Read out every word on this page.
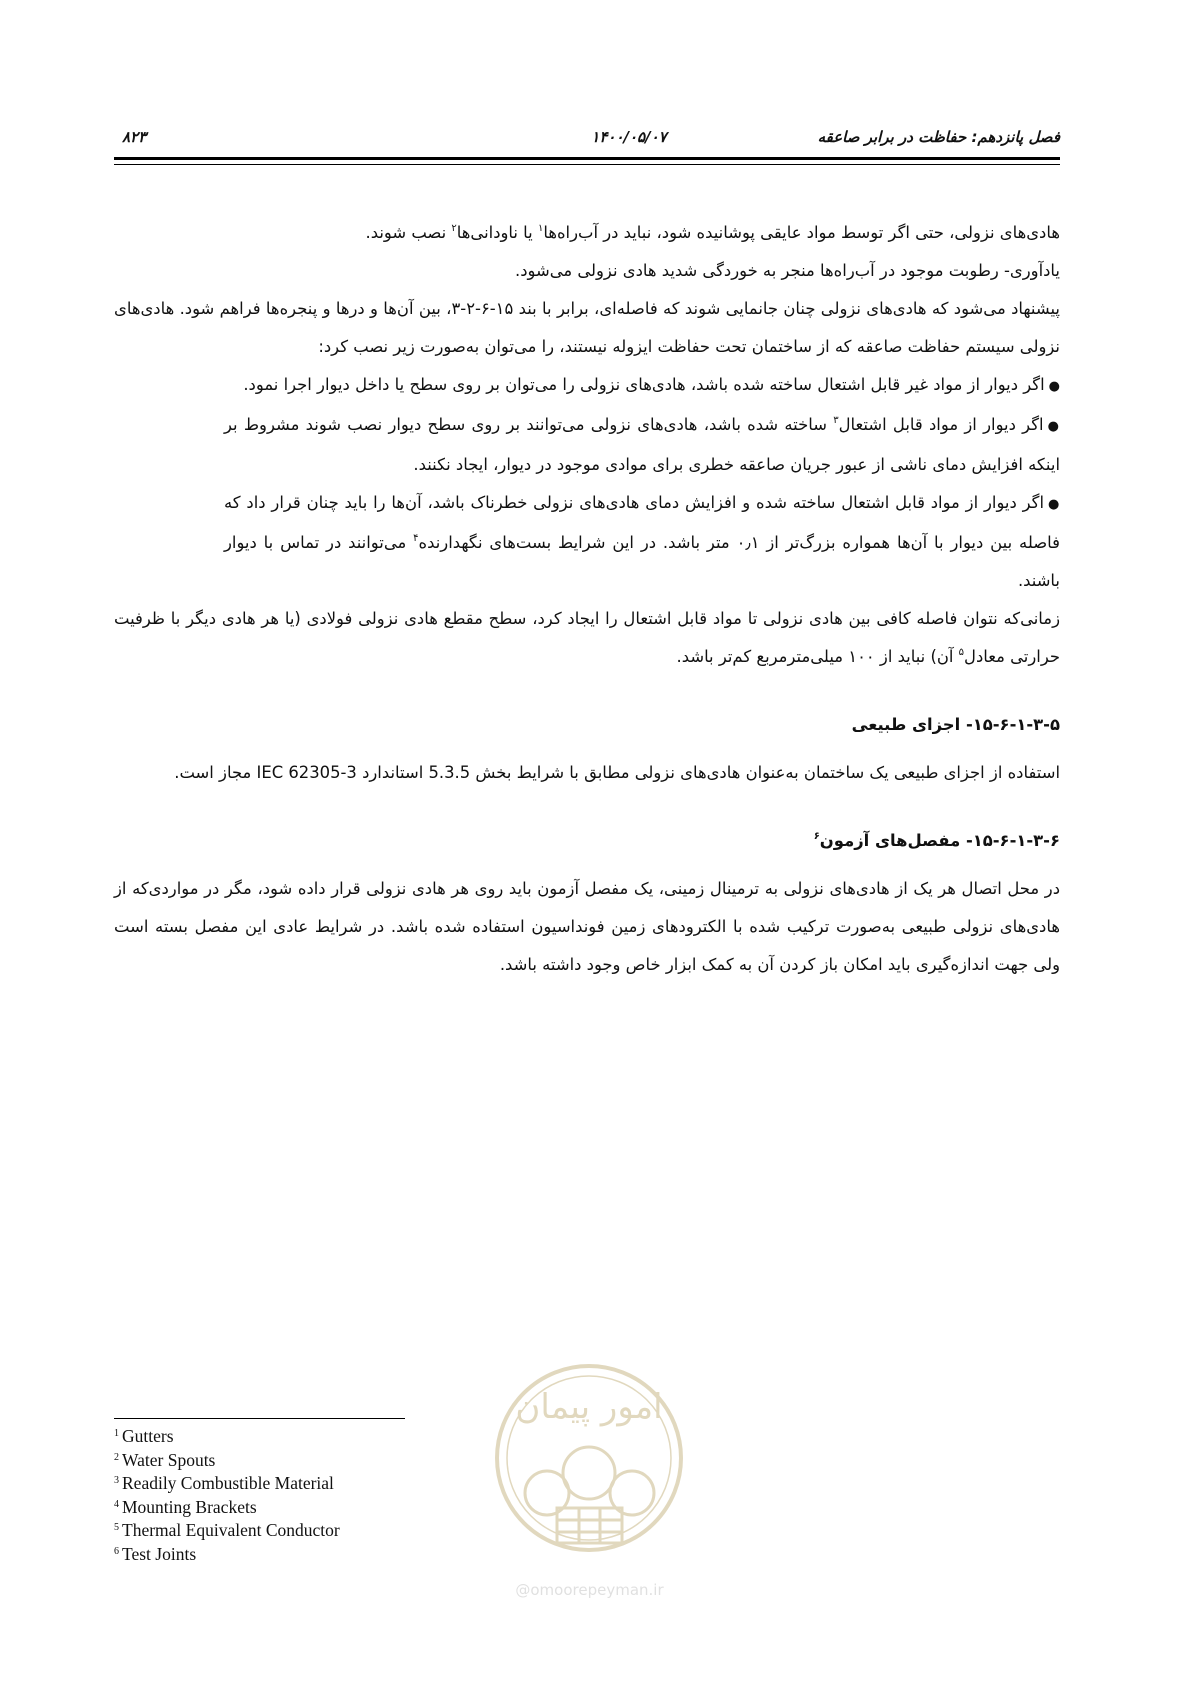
۸۲۳	۱۴۰۰/۰۵/۰۷	فصل پانزدهم: حفاظت در برابر صاعقه

هادی‌های نزولی، حتی اگر توسط مواد عایقی پوشانیده شود، نباید در آب‌راه‌ها$^۱$ یا ناودانی‌ها$^۲$ نصب شوند.

یادآوری- رطوبت موجود در آب‌راه‌ها منجر به خوردگی شدید هادی نزولی می‌شود.

پیشنهاد می‌شود که هادی‌های نزولی چنان جانمایی شوند که فاصله‌ای، برابر با بند ۱۵-۶-۲-۳، بین آن‌ها و درها و پنجره‌ها فراهم شود. هادی‌های نزولی سیستم حفاظت صاعقه که از ساختمان تحت حفاظت ایزوله نیستند، را می‌توان به‌صورت زیر نصب کرد:

●اگر دیوار از مواد غیر قابل اشتعال ساخته شده باشد، هادی‌های نزولی را می‌توان بر روی سطح یا داخل دیوار اجرا نمود.
●اگر دیوار از مواد قابل اشتعال$^۳$ ساخته شده باشد، هادی‌های نزولی می‌توانند بر روی سطح دیوار نصب شوند مشروط بر اینکه افزایش دمای ناشی از عبور جریان صاعقه خطری برای موادی موجود در دیوار، ایجاد نکنند.
●اگر دیوار از مواد قابل اشتعال ساخته شده و افزایش دمای هادی‌های نزولی خطرناک باشد، آن‌ها را باید چنان قرار داد که فاصله بین دیوار با آن‌ها همواره بزرگ‌تر از ۰٫۱ متر باشد. در این شرایط بست‌های نگهدارنده$^۴$ می‌توانند در تماس با دیوار باشند.

زمانی‌که نتوان فاصله کافی بین هادی نزولی تا مواد قابل اشتعال را ایجاد کرد، سطح مقطع هادی نزولی فولادی (یا هر هادی دیگر با ظرفیت حرارتی معادل$^۵$ آن) نباید از ۱۰۰ میلی‌مترمربع کم‌تر باشد.

۱۵-۶-۱-۳-۵- اجزای طبیعی

استفاده از اجزای طبیعی یک ساختمان به‌عنوان هادی‌های نزولی مطابق با شرایط بخش 5.3.5 استاندارد IEC 62305-3 مجاز است.

۱۵-۶-۱-۳-۶- مفصل‌های آزمون$^۶$

در محل اتصال هر یک از هادی‌های نزولی به ترمینال زمینی، یک مفصل آزمون باید روی هر هادی نزولی قرار داده شود، مگر در مواردی‌که از هادی‌های نزولی طبیعی به‌صورت ترکیب شده با الکترودهای زمین فونداسیون استفاده شده باشد. در شرایط عادی این مفصل بسته است ولی جهت اندازه‌گیری باید امکان باز کردن آن به کمک ابزار خاص وجود داشته باشد.

امور پیمان
@omoorepeyman.ir
$^1$ Gutters
$^2$ Water Spouts
$^3$ Readily Combustible Material
$^4$ Mounting Brackets
$^5$ Thermal Equivalent Conductor
$^6$ Test Joints
